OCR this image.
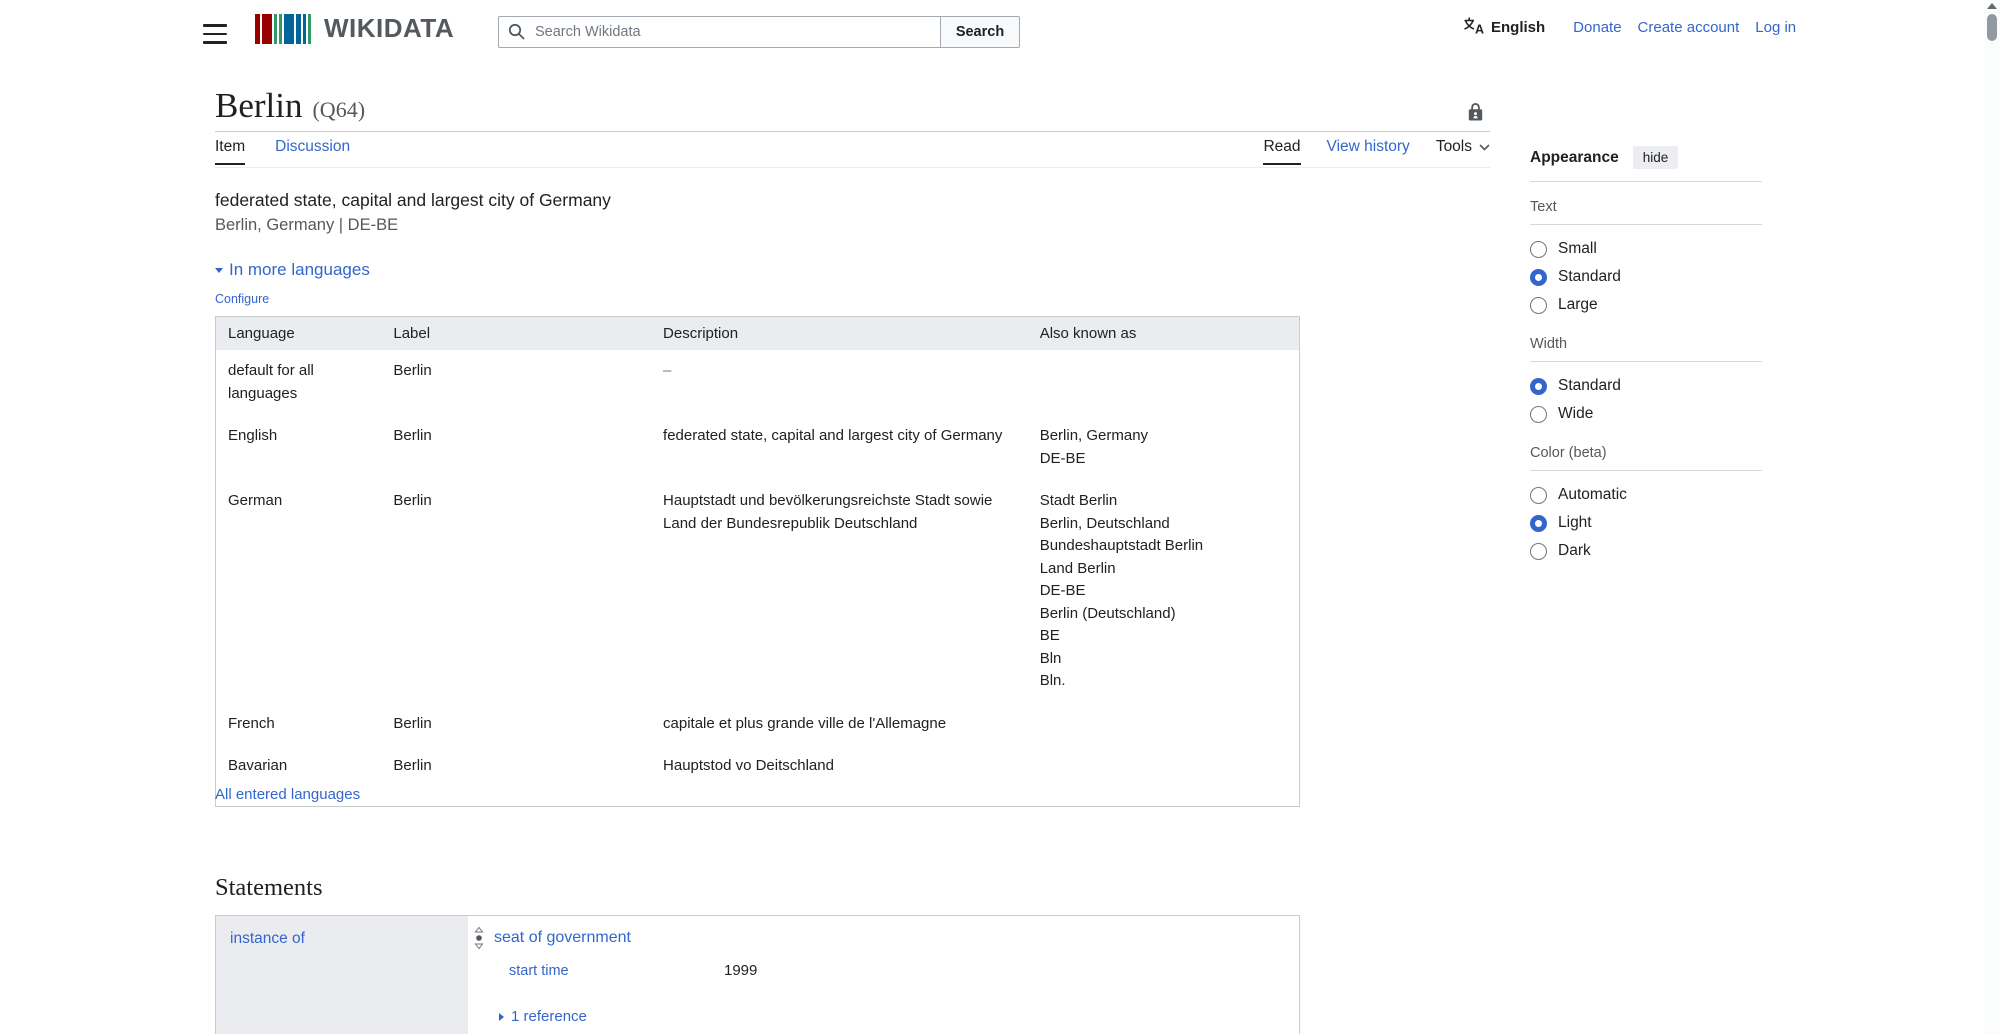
WIKIDATA
Search Wikidata	Search	A English Donate Create account Log in
Berlin (Q64)
Item Discussion	Read View history Tools
federated state, capital and largest city of Germany
Berlin, Germany | DE-BE
In more languages
Configure
Language	Label	Description	Also known as
default for all languages	Berlin	–	
English	Berlin	federated state, capital and largest city of Germany	Berlin, Germany
DE-BE

German	Berlin	Hauptstadt und bevölkerungsreichste Stadt sowie Land der Bundesrepublik Deutschland	
Stadt Berlin
Berlin, Deutschland
Bundeshauptstadt Berlin
Land Berlin
DE-BE
Berlin (Deutschland)
BE
Bln
Bln.

French	Berlin	capitale et plus grande ville de l'Allemagne	
Bavarian	Berlin	Hauptstod vo Deitschland	
All entered languages
Statements
instance of	seat of government
start time	1999
1 reference
Appearance	hide
Text
Small
Standard
Large
Width
Standard
Wide
Color (beta)
Automatic
Light
Dark
